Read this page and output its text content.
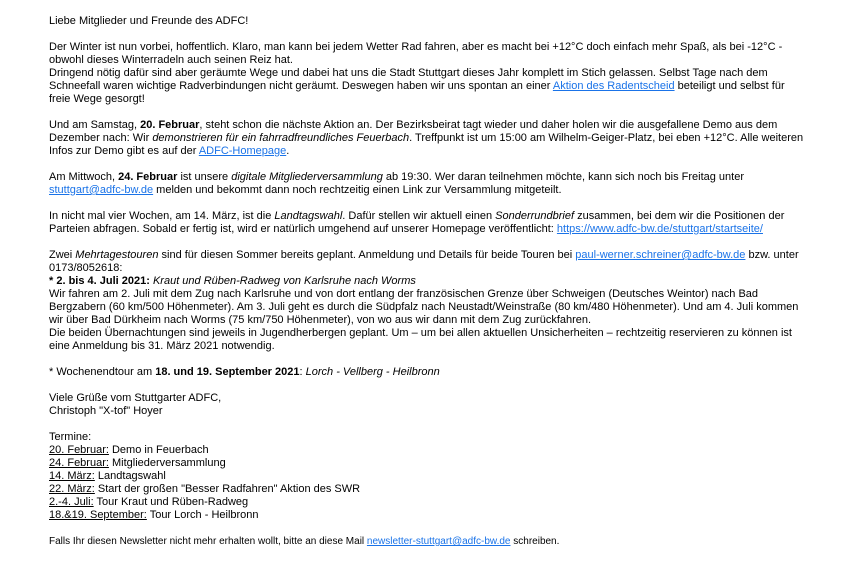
Liebe Mitglieder und Freunde des ADFC!

Der Winter ist nun vorbei, hoffentlich. Klaro, man kann bei jedem Wetter Rad fahren, aber es macht bei +12°C doch einfach mehr Spaß, als bei -12°C - obwohl dieses Winterradeln auch seinen Reiz hat.
Dringend nötig dafür sind aber geräumte Wege und dabei hat uns die Stadt Stuttgart dieses Jahr komplett im Stich gelassen. Selbst Tage nach dem Schneefall waren wichtige Radverbindungen nicht geräumt. Deswegen haben wir uns spontan an einer Aktion des Radentscheid beteiligt und selbst für freie Wege gesorgt!

Und am Samstag, 20. Februar, steht schon die nächste Aktion an. Der Bezirksbeirat tagt wieder und daher holen wir die ausgefallene Demo aus dem Dezember nach: Wir demonstrieren für ein fahrradfreundliches Feuerbach. Treffpunkt ist um 15:00 am Wilhelm-Geiger-Platz, bei eben +12°C. Alle weiteren Infos zur Demo gibt es auf der ADFC-Homepage.

Am Mittwoch, 24. Februar ist unsere digitale Mitgliederversammlung ab 19:30. Wer daran teilnehmen möchte, kann sich noch bis Freitag unter stuttgart@adfc-bw.de melden und bekommt dann noch rechtzeitig einen Link zur Versammlung mitgeteilt.

In nicht mal vier Wochen, am 14. März, ist die Landtagswahl. Dafür stellen wir aktuell einen Sonderrundbrief zusammen, bei dem wir die Positionen der Parteien abfragen. Sobald er fertig ist, wird er natürlich umgehend auf unserer Homepage veröffentlicht: https://www.adfc-bw.de/stuttgart/startseite/

Zwei Mehrtagestouren sind für diesen Sommer bereits geplant. Anmeldung und Details für beide Touren bei paul-werner.schreiner@adfc-bw.de bzw. unter 0173/8052618:
* 2. bis 4. Juli 2021: Kraut und Rüben-Radweg von Karlsruhe nach Worms
Wir fahren am 2. Juli mit dem Zug nach Karlsruhe und von dort entlang der französischen Grenze über Schweigen (Deutsches Weintor) nach Bad Bergzabern (60 km/500 Höhenmeter). Am 3. Juli geht es durch die Südpfalz nach Neustadt/Weinstraße (80 km/480 Höhenmeter). Und am 4. Juli kommen wir über Bad Dürkheim nach Worms (75 km/750 Höhenmeter), von wo aus wir dann mit dem Zug zurückfahren.
Die beiden Übernachtungen sind jeweils in Jugendherbergen geplant. Um – um bei allen aktuellen Unsicherheiten – rechtzeitig reservieren zu können ist eine Anmeldung bis 31. März 2021 notwendig.

* Wochenendtour am 18. und 19. September 2021: Lorch - Vellberg - Heilbronn

Viele Grüße vom Stuttgarter ADFC,
Christoph "X-tof" Hoyer

Termine:
20. Februar: Demo in Feuerbach
24. Februar: Mitgliederversammlung
14. März: Landtagswahl
22. März: Start der großen "Besser Radfahren" Aktion des SWR
2.-4. Juli: Tour Kraut und Rüben-Radweg
18.&19. September: Tour Lorch - Heilbronn

Falls Ihr diesen Newsletter nicht mehr erhalten wollt, bitte an diese Mail newsletter-stuttgart@adfc-bw.de schreiben.
